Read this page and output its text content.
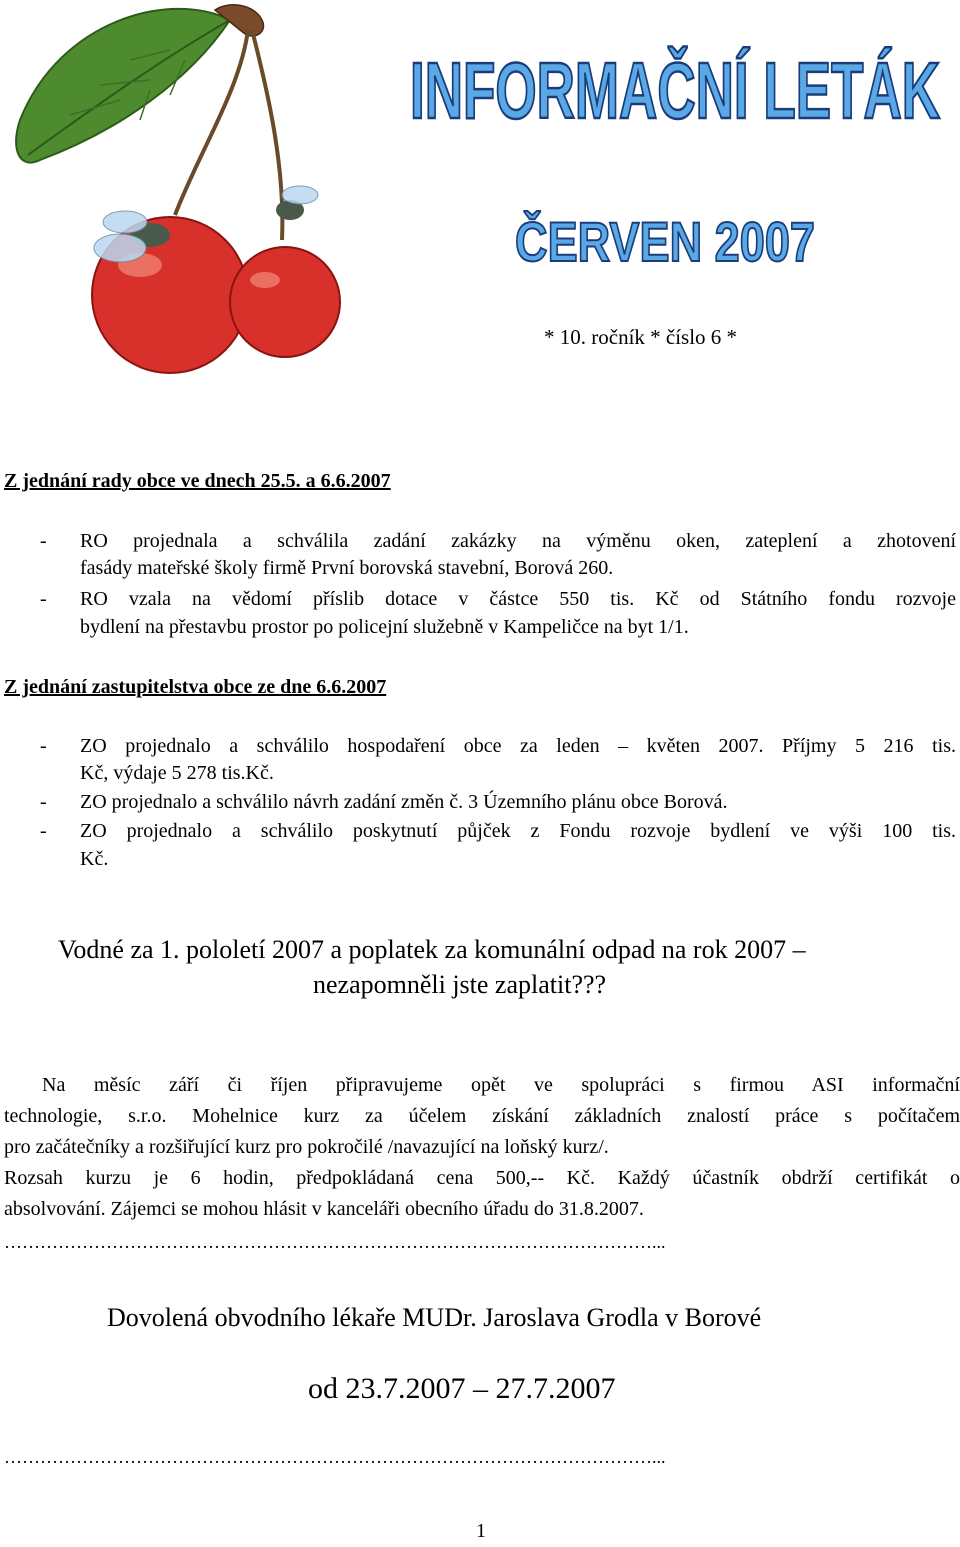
INFORMAČNÍ LETÁK
ČERVEN 2007
* 10. ročník * číslo 6 *
Z jednání rady obce ve dnech 25.5. a 6.6.2007
- RO projednala a schválila zadání zakázky na výměnu oken, zateplení a zhotovení
fasády mateřské školy firmě První borovská stavební, Borová 260.
- RO vzala na vědomí příslib dotace v částce 550 tis. Kč od Státního fondu rozvoje
bydlení na přestavbu prostor po policejní služebně v Kampeličce na byt 1/1.
Z jednání zastupitelstva obce ze dne 6.6.2007
- ZO projednalo a schválilo hospodaření obce za leden – květen 2007. Příjmy 5 216 tis.
Kč, výdaje 5 278 tis.Kč.
- ZO projednalo a schválilo návrh zadání změn č. 3 Územního plánu obce Borová.
- ZO projednalo a schválilo poskytnutí půjček z Fondu rozvoje bydlení ve výši 100 tis.
Kč.
Vodné za 1. pololetí 2007 a poplatek za komunální odpad na rok 2007 –
nezapomněli jste zaplatit???
Na měsíc září či říjen připravujeme opět ve spolupráci s firmou ASI informační
technologie, s.r.o. Mohelnice kurz za účelem získání základních znalostí práce s počítačem
pro začátečníky a rozšiřující kurz pro pokročilé /navazující na loňský kurz/.
Rozsah kurzu je 6 hodin, předpokládaná cena 500,-- Kč. Každý účastník obdrží certifikát o
absolvování. Zájemci se mohou hlásit v kanceláři obecního úřadu do 31.8.2007.
………………………………………………………………………………………………...
Dovolená obvodního lékaře MUDr. Jaroslava Grodla v Borové
od 23.7.2007 – 27.7.2007
………………………………………………………………………………………………...
1
